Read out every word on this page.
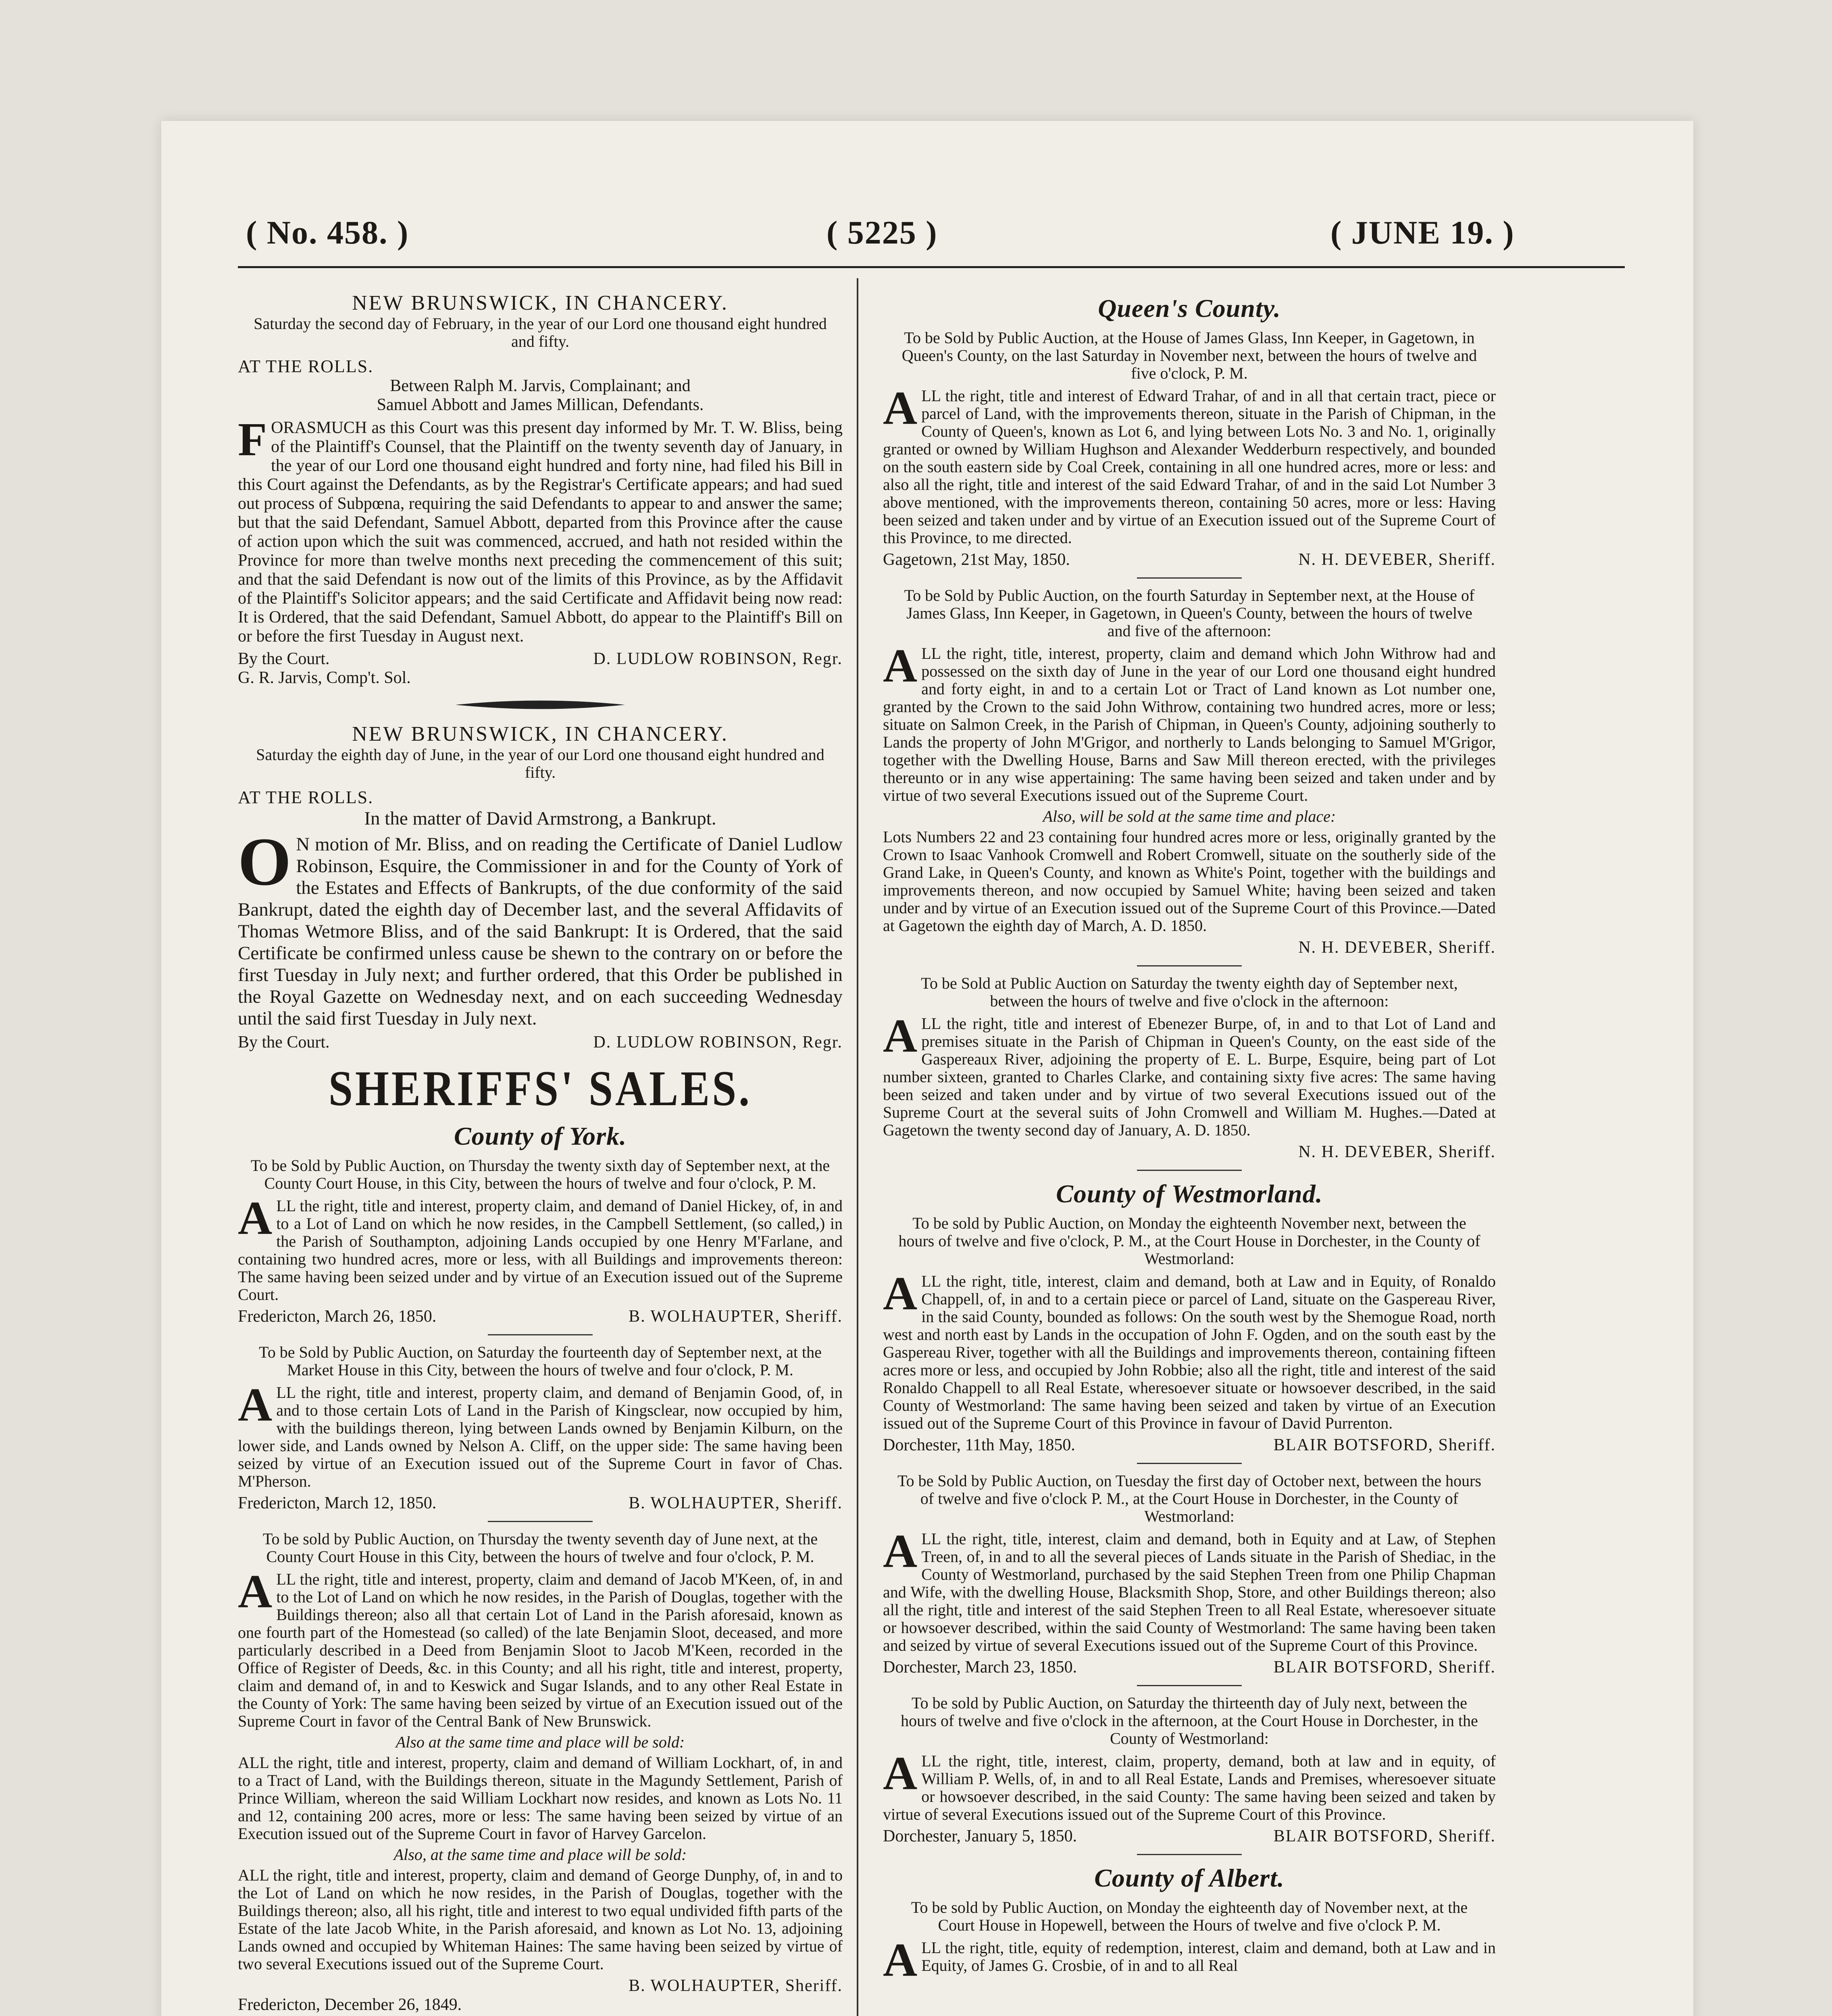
( No. 458. )	( 5225 )	( JUNE 19. )
NEW BRUNSWICK, IN CHANCERY.
Saturday the second day of February, in the year of our Lord one thousand eight hundred and fifty.
AT THE ROLLS.
Between Ralph M. Jarvis, Complainant; and
Samuel Abbott and James Millican, Defendants.
FORASMUCH as this Court was this present day informed by Mr. T. W. Bliss, being of the Plaintiff's Counsel, that the Plaintiff on the twenty seventh day of January, in the year of our Lord one thousand eight hundred and forty nine, had filed his Bill in this Court against the Defendants, as by the Registrar's Certificate appears; and had sued out process of Subpœna, requiring the said Defendants to appear to and answer the same; but that the said Defendant, Samuel Abbott, departed from this Province after the cause of action upon which the suit was commenced, accrued, and hath not resided within the Province for more than twelve months next preceding the commencement of this suit; and that the said Defendant is now out of the limits of this Province, as by the Affidavit of the Plaintiff's Solicitor appears; and the said Certificate and Affidavit being now read: It is Ordered, that the said Defendant, Samuel Abbott, do appear to the Plaintiff's Bill on or before the first Tuesday in August next.
By the Court.	D. LUDLOW ROBINSON, Regr.
G. R. Jarvis, Comp't. Sol.
NEW BRUNSWICK, IN CHANCERY.
Saturday the eighth day of June, in the year of our Lord one thousand eight hundred and fifty.
AT THE ROLLS.
In the matter of David Armstrong, a Bankrupt.
O N motion of Mr. Bliss, and on reading the Certificate of Daniel Ludlow Robinson, Esquire, the Commissioner in and for the County of York of the Estates and Effects of Bankrupts, of the due conformity of the said Bankrupt, dated the eighth day of December last, and the several Affidavits of Thomas Wetmore Bliss, and of the said Bankrupt: It is Ordered, that the said Certificate be confirmed unless cause be shewn to the contrary on or before the first Tuesday in July next; and further ordered, that this Order be published in the Royal Gazette on Wednesday next, and on each succeeding Wednesday until the said first Tuesday in July next.
By the Court.	D. LUDLOW ROBINSON, Regr.
SHERIFFS' SALES.
County of York.
To be Sold by Public Auction, on Thursday the twenty sixth day of September next, at the County Court House, in this City, between the hours of twelve and four o'clock, P. M.
ALL the right, title and interest, property claim, and demand of Daniel Hickey, of, in and to a Lot of Land on which he now resides, in the Campbell Settlement, (so called,) in the Parish of Southampton, adjoining Lands occupied by one Henry M'Farlane, and containing two hundred acres, more or less, with all Buildings and improvements thereon: The same having been seized under and by virtue of an Execution issued out of the Supreme Court.
Fredericton, March 26, 1850.	B. WOLHAUPTER, Sheriff.
To be Sold by Public Auction, on Saturday the fourteenth day of September next, at the Market House in this City, between the hours of twelve and four o'clock, P. M.
ALL the right, title and interest, property claim, and demand of Benjamin Good, of, in and to those certain Lots of Land in the Parish of Kingsclear, now occupied by him, with the buildings thereon, lying between Lands owned by Benjamin Kilburn, on the lower side, and Lands owned by Nelson A. Cliff, on the upper side: The same having been seized by virtue of an Execution issued out of the Supreme Court in favor of Chas. M'Pherson.
Fredericton, March 12, 1850.	B. WOLHAUPTER, Sheriff.
To be sold by Public Auction, on Thursday the twenty seventh day of June next, at the County Court House in this City, between the hours of twelve and four o'clock, P. M.
ALL the right, title and interest, property, claim and demand of Jacob M'Keen, of, in and to the Lot of Land on which he now resides, in the Parish of Douglas, together with the Buildings thereon; also all that certain Lot of Land in the Parish aforesaid, known as one fourth part of the Homestead (so called) of the late Benjamin Sloot, deceased, and more particularly described in a Deed from Benjamin Sloot to Jacob M'Keen, recorded in the Office of Register of Deeds, &c. in this County; and all his right, title and interest, property, claim and demand of, in and to Keswick and Sugar Islands, and to any other Real Estate in the County of York: The same having been seized by virtue of an Execution issued out of the Supreme Court in favor of the Central Bank of New Brunswick.
Also at the same time and place will be sold:
ALL the right, title and interest, property, claim and demand of William Lockhart, of, in and to a Tract of Land, with the Buildings thereon, situate in the Magundy Settlement, Parish of Prince William, whereon the said William Lockhart now resides, and known as Lots No. 11 and 12, containing 200 acres, more or less: The same having been seized by virtue of an Execution issued out of the Supreme Court in favor of Harvey Garcelon.
Also, at the same time and place will be sold:
ALL the right, title and interest, property, claim and demand of George Dunphy, of, in and to the Lot of Land on which he now resides, in the Parish of Douglas, together with the Buildings thereon; also, all his right, title and interest to two equal undivided fifth parts of the Estate of the late Jacob White, in the Parish aforesaid, and known as Lot No. 13, adjoining Lands owned and occupied by Whiteman Haines: The same having been seized by virtue of two several Executions issued out of the Supreme Court.
B. WOLHAUPTER, Sheriff.
Fredericton, December 26, 1849.
Queen's County.
To be Sold by Public Auction, at the House of James Glass, Inn Keeper, in Gagetown, in Queen's County, on the last Saturday in November next, between the hours of twelve and five o'clock, P. M.
ALL the right, title and interest of Edward Trahar, of and in all that certain tract, piece or parcel of Land, with the improvements thereon, situate in the Parish of Chipman, in the County of Queen's, known as Lot 6, and lying between Lots No. 3 and No. 1, originally granted or owned by William Hughson and Alexander Wedderburn respectively, and bounded on the south eastern side by Coal Creek, containing in all one hundred acres, more or less: and also all the right, title and interest of the said Edward Trahar, of and in the said Lot Number 3 above mentioned, with the improvements thereon, containing 50 acres, more or less: Having been seized and taken under and by virtue of an Execution issued out of the Supreme Court of this Province, to me directed.
Gagetown, 21st May, 1850.	N. H. DEVEBER, Sheriff.
To be Sold by Public Auction, on the fourth Saturday in September next, at the House of James Glass, Inn Keeper, in Gagetown, in Queen's County, between the hours of twelve and five of the afternoon:
ALL the right, title, interest, property, claim and demand which John Withrow had and possessed on the sixth day of June in the year of our Lord one thousand eight hundred and forty eight, in and to a certain Lot or Tract of Land known as Lot number one, granted by the Crown to the said John Withrow, containing two hundred acres, more or less; situate on Salmon Creek, in the Parish of Chipman, in Queen's County, adjoining southerly to Lands the property of John M'Grigor, and northerly to Lands belonging to Samuel M'Grigor, together with the Dwelling House, Barns and Saw Mill thereon erected, with the privileges thereunto or in any wise appertaining: The same having been seized and taken under and by virtue of two several Executions issued out of the Supreme Court.
Also, will be sold at the same time and place:
Lots Numbers 22 and 23 containing four hundred acres more or less, originally granted by the Crown to Isaac Vanhook Cromwell and Robert Cromwell, situate on the southerly side of the Grand Lake, in Queen's County, and known as White's Point, together with the buildings and improvements thereon, and now occupied by Samuel White; having been seized and taken under and by virtue of an Execution issued out of the Supreme Court of this Province.—Dated at Gagetown the eighth day of March, A. D. 1850.
N. H. DEVEBER, Sheriff.
To be Sold at Public Auction on Saturday the twenty eighth day of September next, between the hours of twelve and five o'clock in the afternoon:
ALL the right, title and interest of Ebenezer Burpe, of, in and to that Lot of Land and premises situate in the Parish of Chipman in Queen's County, on the east side of the Gaspereaux River, adjoining the property of E. L. Burpe, Esquire, being part of Lot number sixteen, granted to Charles Clarke, and containing sixty five acres: The same having been seized and taken under and by virtue of two several Executions issued out of the Supreme Court at the several suits of John Cromwell and William M. Hughes.—Dated at Gagetown the twenty second day of January, A. D. 1850.
N. H. DEVEBER, Sheriff.
County of Westmorland.
To be sold by Public Auction, on Monday the eighteenth November next, between the hours of twelve and five o'clock, P. M., at the Court House in Dorchester, in the County of Westmorland:
ALL the right, title, interest, claim and demand, both at Law and in Equity, of Ronaldo Chappell, of, in and to a certain piece or parcel of Land, situate on the Gaspereau River, in the said County, bounded as follows: On the south west by the Shemogue Road, north west and north east by Lands in the occupation of John F. Ogden, and on the south east by the Gaspereau River, together with all the Buildings and improvements thereon, containing fifteen acres more or less, and occupied by John Robbie; also all the right, title and interest of the said Ronaldo Chappell to all Real Estate, wheresoever situate or howsoever described, in the said County of Westmorland: The same having been seized and taken by virtue of an Execution issued out of the Supreme Court of this Province in favour of David Purrenton.
Dorchester, 11th May, 1850.	BLAIR BOTSFORD, Sheriff.
To be Sold by Public Auction, on Tuesday the first day of October next, between the hours of twelve and five o'clock P. M., at the Court House in Dorchester, in the County of Westmorland:
ALL the right, title, interest, claim and demand, both in Equity and at Law, of Stephen Treen, of, in and to all the several pieces of Lands situate in the Parish of Shediac, in the County of Westmorland, purchased by the said Stephen Treen from one Philip Chapman and Wife, with the dwelling House, Blacksmith Shop, Store, and other Buildings thereon; also all the right, title and interest of the said Stephen Treen to all Real Estate, wheresoever situate or howsoever described, within the said County of Westmorland: The same having been taken and seized by virtue of several Executions issued out of the Supreme Court of this Province.
Dorchester, March 23, 1850.	BLAIR BOTSFORD, Sheriff.
To be sold by Public Auction, on Saturday the thirteenth day of July next, between the hours of twelve and five o'clock in the afternoon, at the Court House in Dorchester, in the County of Westmorland:
ALL the right, title, interest, claim, property, demand, both at law and in equity, of William P. Wells, of, in and to all Real Estate, Lands and Premises, wheresoever situate or howsoever described, in the said County: The same having been seized and taken by virtue of several Executions issued out of the Supreme Court of this Province.
Dorchester, January 5, 1850.	BLAIR BOTSFORD, Sheriff.
County of Albert.
To be sold by Public Auction, on Monday the eighteenth day of November next, at the Court House in Hopewell, between the Hours of twelve and five o'clock P. M.
ALL the right, title, equity of redemption, interest, claim and demand, both at Law and in Equity, of James G. Crosbie, of in and to all Real
